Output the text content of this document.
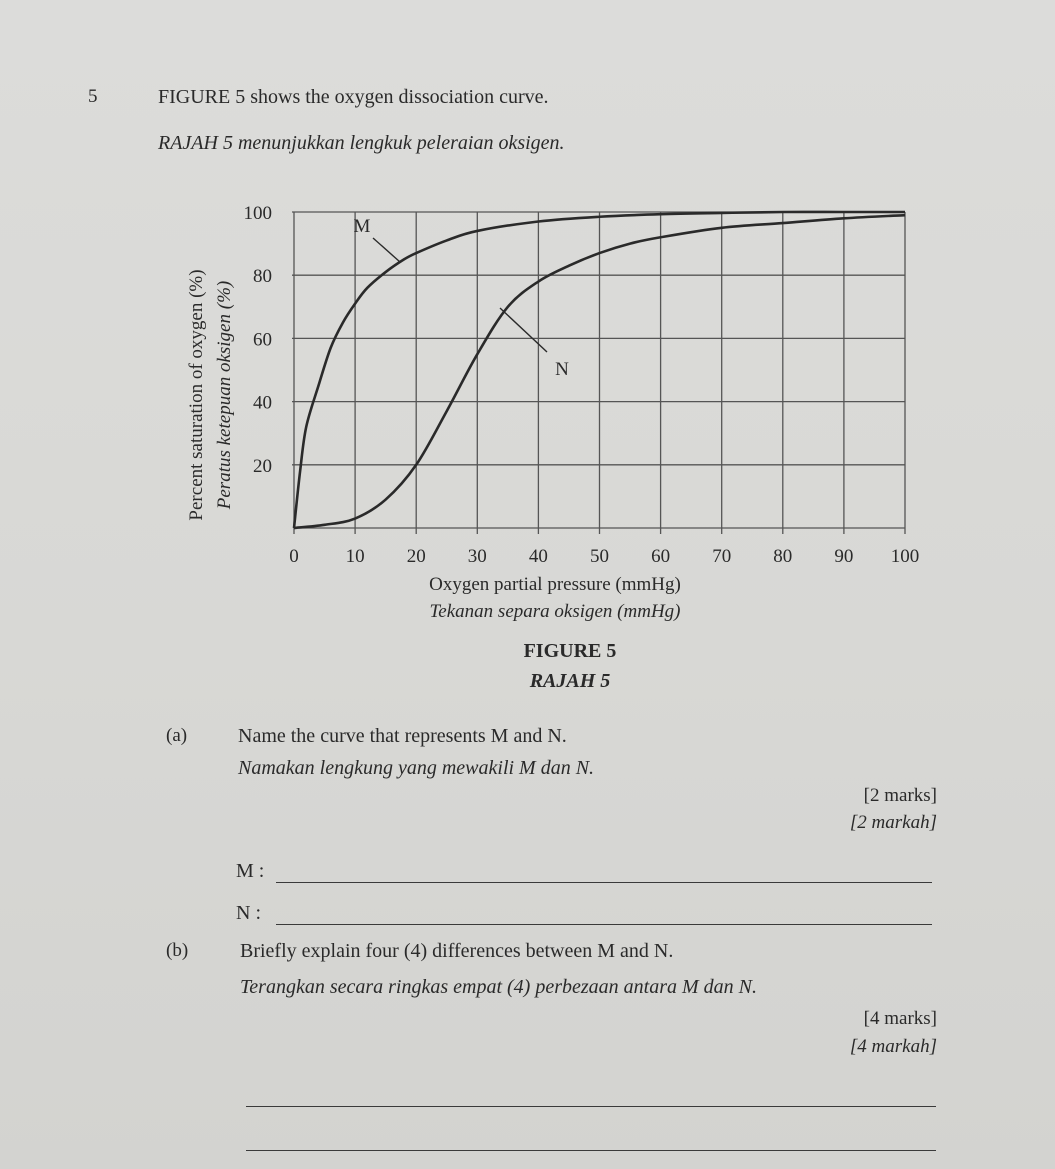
5	FIGURE 5 shows the oxygen dissociation curve.
RAJAH 5 menunjukkan lengkuk peleraian oksigen.
20
40
60
80
100
0 10 20 30 40 50 60 70 80 90 100
Oxygen partial pressure (mmHg)
Tekanan separa oksigen (mmHg)
Percent saturation of oxygen (%) Peratus ketepuan oksigen (%)
M
N
FIGURE 5
RAJAH 5
(a)	Name the curve that represents M and N.
Namakan lengkung yang mewakili M dan N.
[2 marks]
[2 markah]
M :
N :
(b)	Briefly explain four (4) differences between M and N.
Terangkan secara ringkas empat (4) perbezaan antara M dan N.
[4 marks]
[4 markah]
